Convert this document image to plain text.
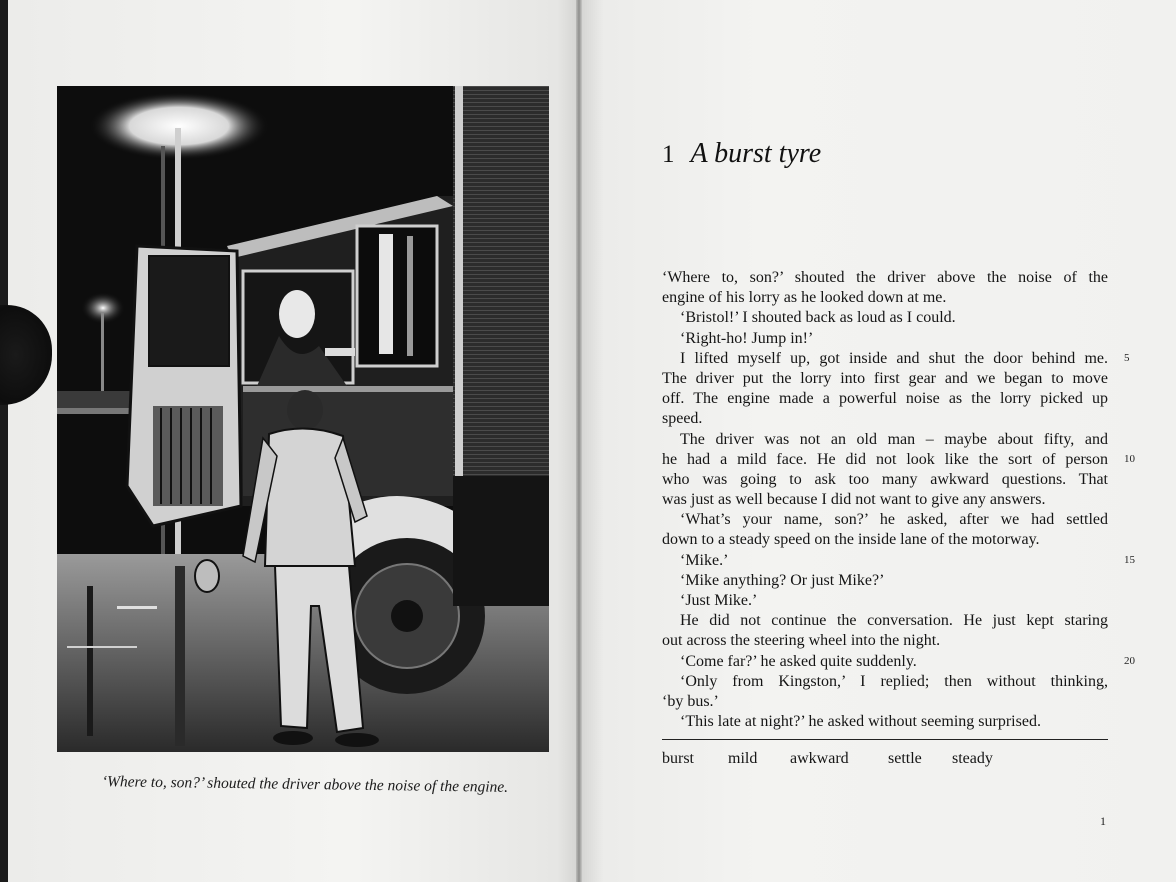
‘Where to, son?’ shouted the driver above the noise of the engine.
1 A burst tyre
‘Where to, son?’ shouted the driver above the noise of the
engine of his lorry as he looked down at me.
‘Bristol!’ I shouted back as loud as I could.
‘Right-ho! Jump in!’
I lifted myself up, got inside and shut the door behind me.
The driver put the lorry into first gear and we began to move
off. The engine made a powerful noise as the lorry picked up
speed.
The driver was not an old man – maybe about fifty, and
he had a mild face. He did not look like the sort of person
who was going to ask too many awkward questions. That
was just as well because I did not want to give any answers.
‘What’s your name, son?’ he asked, after we had settled
down to a steady speed on the inside lane of the motorway.
‘Mike.’
‘Mike anything? Or just Mike?’
‘Just Mike.’
He did not continue the conversation. He just kept staring
out across the steering wheel into the night.
‘Come far?’ he asked quite suddenly.
‘Only from Kingston,’ I replied; then without thinking,
‘by bus.’
‘This late at night?’ he asked without seeming surprised.
5
10
15
20
burst mild awkward settle steady
1
